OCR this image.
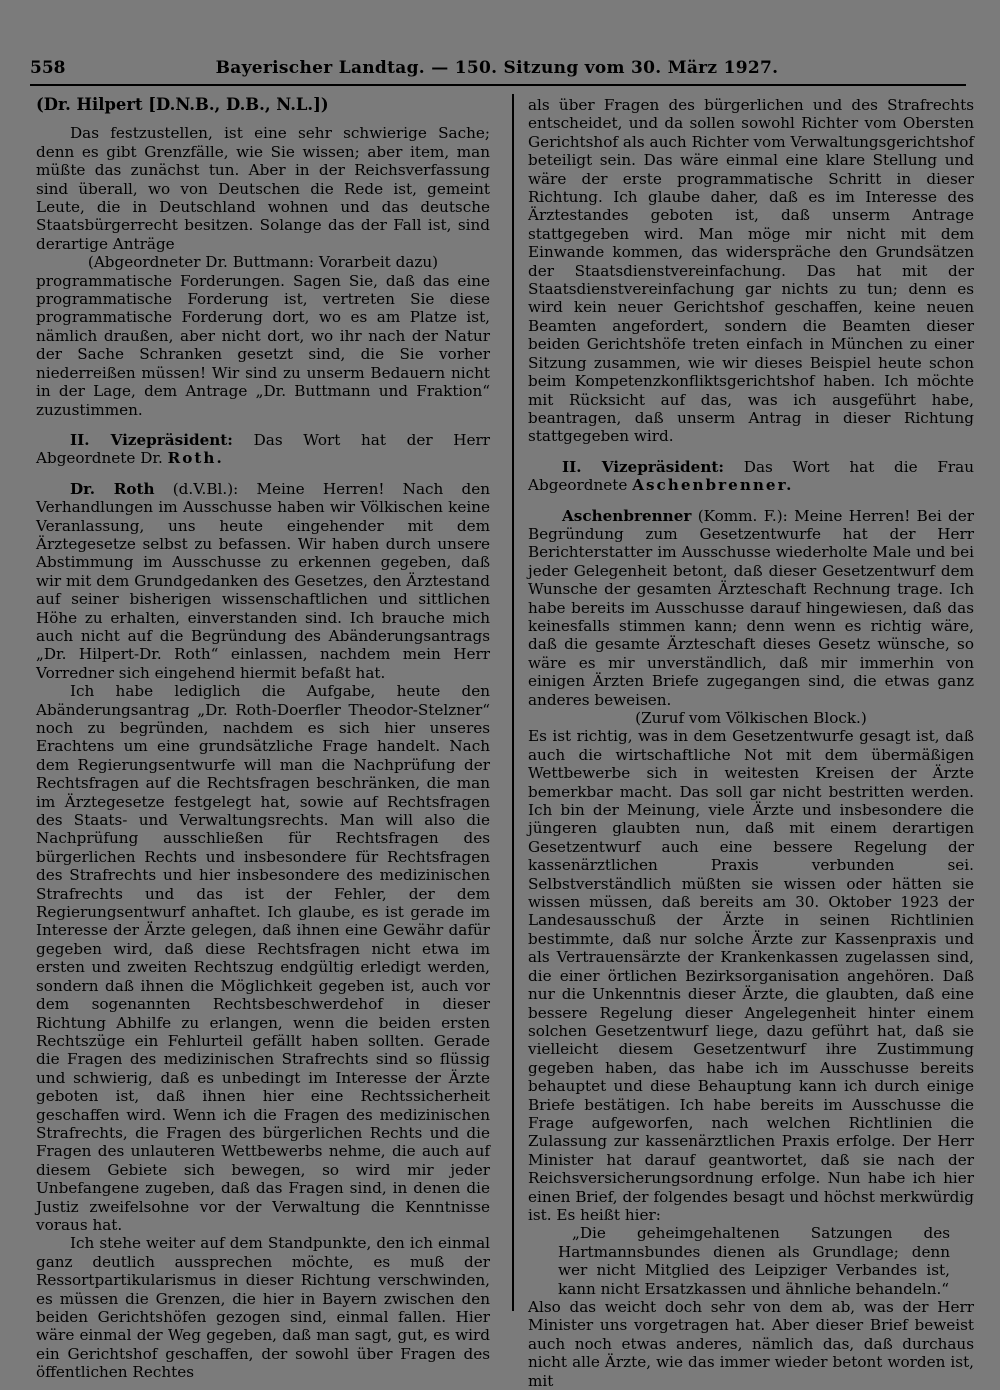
558	Bayerischer Landtag. — 150. Sitzung vom 30. März 1927.

(Dr. Hilpert [D.N.B., D.B., N.L.])

Das festzustellen, ist eine sehr schwierige Sache; denn es gibt Grenzfälle, wie Sie wissen; aber item, man müßte das zunächst tun. Aber in der Reichsverfassung sind überall, wo von Deutschen die Rede ist, gemeint Leute, die in Deutschland wohnen und das deutsche Staatsbürgerrecht besitzen. Solange das der Fall ist, sind derartige Anträge

(Abgeordneter Dr. Buttmann: Vorarbeit dazu)

programmatische Forderungen. Sagen Sie, daß das eine programmatische Forderung ist, vertreten Sie diese programmatische Forderung dort, wo es am Platze ist, nämlich draußen, aber nicht dort, wo ihr nach der Natur der Sache Schranken gesetzt sind, die Sie vorher niederreißen müssen! Wir sind zu unserm Bedauern nicht in der Lage, dem Antrage „Dr. Buttmann und Fraktion“ zuzustimmen.

II. Vizepräsident: Das Wort hat der Herr Abgeordnete Dr. Roth.

Dr. Roth (d.V.Bl.): Meine Herren! Nach den Verhandlungen im Ausschusse haben wir Völkischen keine Veranlassung, uns heute eingehender mit dem Ärztegesetze selbst zu befassen. Wir haben durch unsere Abstimmung im Ausschusse zu erkennen gegeben, daß wir mit dem Grundgedanken des Gesetzes, den Ärztestand auf seiner bisherigen wissenschaftlichen und sittlichen Höhe zu erhalten, einverstanden sind. Ich brauche mich auch nicht auf die Begründung des Abänderungsantrags „Dr. Hilpert-Dr. Roth“ einlassen, nachdem mein Herr Vorredner sich eingehend hiermit befaßt hat.

Ich habe lediglich die Aufgabe, heute den Abänderungsantrag „Dr. Roth-Doerfler Theodor-Stelzner“ noch zu begründen, nachdem es sich hier unseres Erachtens um eine grundsätzliche Frage handelt. Nach dem Regierungsentwurfe will man die Nachprüfung der Rechtsfragen auf die Rechtsfragen beschränken, die man im Ärztegesetze festgelegt hat, sowie auf Rechtsfragen des Staats- und Verwaltungsrechts. Man will also die Nachprüfung ausschließen für Rechtsfragen des bürgerlichen Rechts und insbesondere für Rechtsfragen des Strafrechts und hier insbesondere des medizinischen Strafrechts und das ist der Fehler, der dem Regierungsentwurf anhaftet. Ich glaube, es ist gerade im Interesse der Ärzte gelegen, daß ihnen eine Gewähr dafür gegeben wird, daß diese Rechtsfragen nicht etwa im ersten und zweiten Rechtszug endgültig erledigt werden, sondern daß ihnen die Möglichkeit gegeben ist, auch vor dem sogenannten Rechtsbeschwerdehof in dieser Richtung Abhilfe zu erlangen, wenn die beiden ersten Rechtszüge ein Fehlurteil gefällt haben sollten. Gerade die Fragen des medizinischen Strafrechts sind so flüssig und schwierig, daß es unbedingt im Interesse der Ärzte geboten ist, daß ihnen hier eine Rechtssicherheit geschaffen wird. Wenn ich die Fragen des medizinischen Strafrechts, die Fragen des bürgerlichen Rechts und die Fragen des unlauteren Wettbewerbs nehme, die auch auf diesem Gebiete sich bewegen, so wird mir jeder Unbefangene zugeben, daß das Fragen sind, in denen die Justiz zweifelsohne vor der Verwaltung die Kenntnisse voraus hat.

Ich stehe weiter auf dem Standpunkte, den ich einmal ganz deutlich aussprechen möchte, es muß der Ressortpartikularismus in dieser Richtung verschwinden, es müssen die Grenzen, die hier in Bayern zwischen den beiden Gerichtshöfen gezogen sind, einmal fallen. Hier wäre einmal der Weg gegeben, daß man sagt, gut, es wird ein Gerichtshof geschaffen, der sowohl über Fragen des öffentlichen Rechtes

als über Fragen des bürgerlichen und des Strafrechts entscheidet, und da sollen sowohl Richter vom Obersten Gerichtshof als auch Richter vom Verwaltungsgerichtshof beteiligt sein. Das wäre einmal eine klare Stellung und wäre der erste programmatische Schritt in dieser Richtung. Ich glaube daher, daß es im Interesse des Ärztestandes geboten ist, daß unserm Antrage stattgegeben wird. Man möge mir nicht mit dem Einwande kommen, das widerspräche den Grundsätzen der Staatsdienstvereinfachung. Das hat mit der Staatsdienstvereinfachung gar nichts zu tun; denn es wird kein neuer Gerichtshof geschaffen, keine neuen Beamten angefordert, sondern die Beamten dieser beiden Gerichtshöfe treten einfach in München zu einer Sitzung zusammen, wie wir dieses Beispiel heute schon beim Kompetenzkonfliktsgerichtshof haben. Ich möchte mit Rücksicht auf das, was ich ausgeführt habe, beantragen, daß unserm Antrag in dieser Richtung stattgegeben wird.

II. Vizepräsident: Das Wort hat die Frau Abgeordnete Aschenbrenner.

Aschenbrenner (Komm. F.): Meine Herren! Bei der Begründung zum Gesetzentwurfe hat der Herr Berichterstatter im Ausschusse wiederholte Male und bei jeder Gelegenheit betont, daß dieser Gesetzentwurf dem Wunsche der gesamten Ärzteschaft Rechnung trage. Ich habe bereits im Ausschusse darauf hingewiesen, daß das keinesfalls stimmen kann; denn wenn es richtig wäre, daß die gesamte Ärzteschaft dieses Gesetz wünsche, so wäre es mir unverständlich, daß mir immerhin von einigen Ärzten Briefe zugegangen sind, die etwas ganz anderes beweisen.

(Zuruf vom Völkischen Block.)

Es ist richtig, was in dem Gesetzentwurfe gesagt ist, daß auch die wirtschaftliche Not mit dem übermäßigen Wettbewerbe sich in weitesten Kreisen der Ärzte bemerkbar macht. Das soll gar nicht bestritten werden. Ich bin der Meinung, viele Ärzte und insbesondere die jüngeren glaubten nun, daß mit einem derartigen Gesetzentwurf auch eine bessere Regelung der kassenärztlichen Praxis verbunden sei. Selbstverständlich müßten sie wissen oder hätten sie wissen müssen, daß bereits am 30. Oktober 1923 der Landesausschuß der Ärzte in seinen Richtlinien bestimmte, daß nur solche Ärzte zur Kassenpraxis und als Vertrauensärzte der Krankenkassen zugelassen sind, die einer örtlichen Bezirksorganisation angehören. Daß nur die Unkenntnis dieser Ärzte, die glaubten, daß eine bessere Regelung dieser Angelegenheit hinter einem solchen Gesetzentwurf liege, dazu geführt hat, daß sie vielleicht diesem Gesetzentwurf ihre Zustimmung gegeben haben, das habe ich im Ausschusse bereits behauptet und diese Behauptung kann ich durch einige Briefe bestätigen. Ich habe bereits im Ausschusse die Frage aufgeworfen, nach welchen Richtlinien die Zulassung zur kassenärztlichen Praxis erfolge. Der Herr Minister hat darauf geantwortet, daß sie nach der Reichsversicherungsordnung erfolge. Nun habe ich hier einen Brief, der folgendes besagt und höchst merkwürdig ist. Es heißt hier:

„Die geheimgehaltenen Satzungen des Hartmannsbundes dienen als Grundlage; denn wer nicht Mitglied des Leipziger Verbandes ist, kann nicht Ersatzkassen und ähnliche behandeln.“

Also das weicht doch sehr von dem ab, was der Herr Minister uns vorgetragen hat. Aber dieser Brief beweist auch noch etwas anderes, nämlich das, daß durchaus nicht alle Ärzte, wie das immer wieder betont worden ist, mit
